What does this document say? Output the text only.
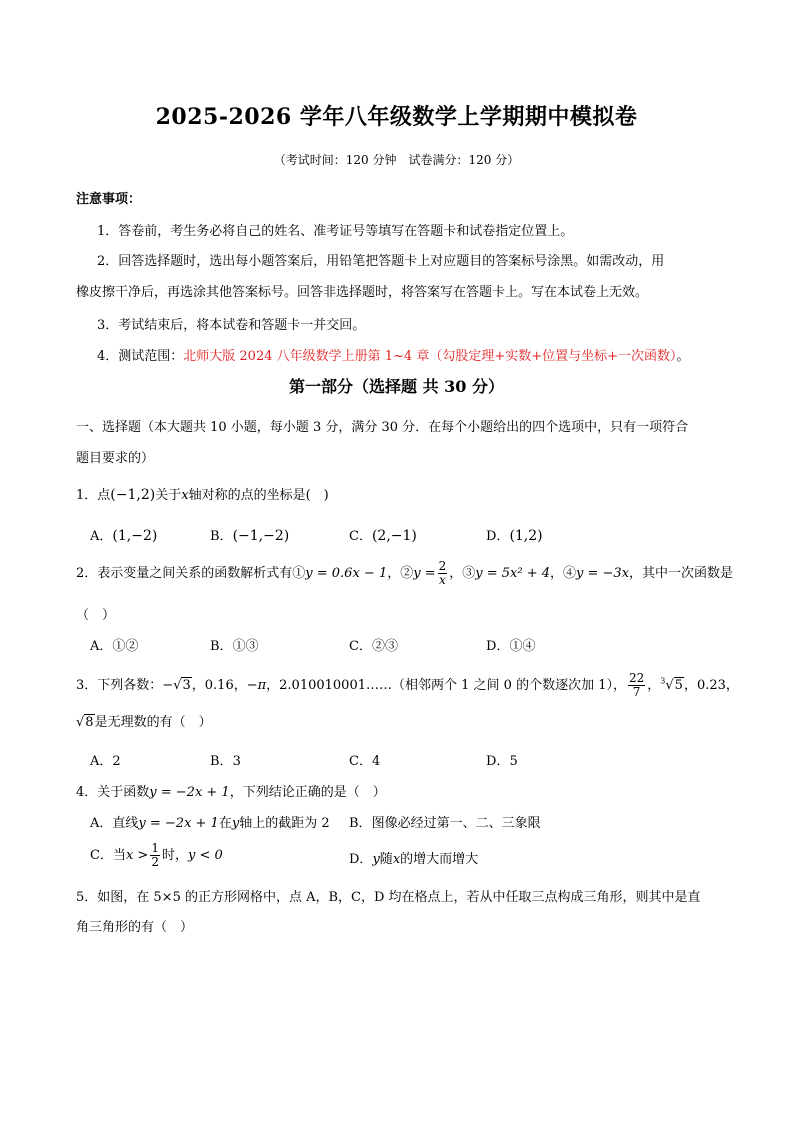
2025-2026 学年八年级数学上学期期中模拟卷
（考试时间：120 分钟　试卷满分：120 分）
注意事项：
1．答卷前，考生务必将自己的姓名、准考证号等填写在答题卡和试卷指定位置上。
2．回答选择题时，选出每小题答案后，用铅笔把答题卡上对应题目的答案标号涂黑。如需改动，用
橡皮擦干净后，再选涂其他答案标号。回答非选择题时，将答案写在答题卡上。写在本试卷上无效。
3．考试结束后，将本试卷和答题卡一并交回。
4．测试范围：北师大版 2024 八年级数学上册第 1~4 章（勾股定理+实数+位置与坐标+一次函数）。
第一部分（选择题 共 30 分）
一、选择题（本大题共 10 小题，每小题 3 分，满分 30 分．在每个小题给出的四个选项中，只有一项符合
题目要求的）
1．点(−1,2)关于x轴对称的点的坐标是(　)
A．(1,−2)	B．(−1,−2)	C．(2,−1)	D．(1,2)
2．表示变量之间关系的函数解析式有①y = 0.6x − 1，②y = $\frac{2}{x}$ ，③y = 5x² + 4，④y = −3x，其中一次函数是
（　）
A．①②	B．①③	C．②③	D．①④
3．下列各数：−√3，0.16，−π，2.010010001……（相邻两个 1 之间 0 的个数逐次加 1）， $\frac{22}{7}$ ，$^3$√5，0.23，
√8是无理数的有（　）
A．2	B．3	C．4	D．5
4．关于函数y = −2x + 1，下列结论正确的是（　）
A．直线y = −2x + 1在y轴上的截距为 2 B．图像必经过第一、二、三象限
C．当$x > \frac{1}{2}$ 时，y < 0	D．y随x的增大而增大
5．如图，在 5×5 的正方形网格中，点 A，B，C，D 均在格点上，若从中任取三点构成三角形，则其中是直
角三角形的有（　）
